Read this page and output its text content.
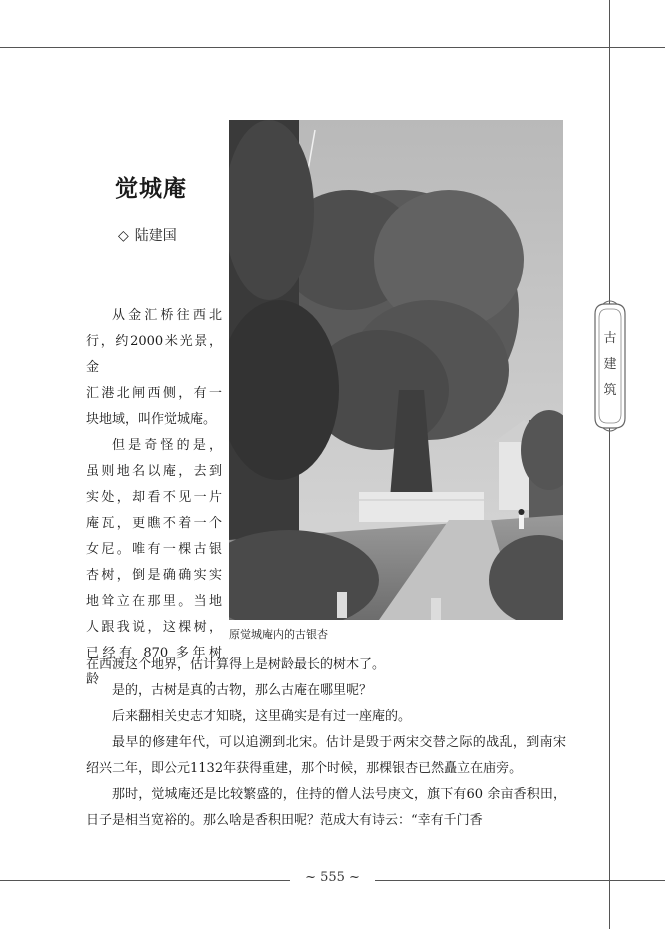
觉城庵
◇ 陆建国
原觉城庵内的古银杏

从金汇桥往西北

行，约2000米光景，金

汇港北闸西侧，有一

块地域，叫作觉城庵。

但是奇怪的是，

虽则地名以庵，去到

实处，却看不见一片

庵瓦，更瞧不着一个

女尼。唯有一棵古银

杏树，倒是确确实实

地耸立在那里。当地

人跟我说，这棵树，

已经有 870 多年树龄，

在西渡这个地界，估计算得上是树龄最长的树木了。

是的，古树是真的古物，那么古庵在哪里呢？

后来翻相关史志才知晓，这里确实是有过一座庵的。

最早的修建年代，可以追溯到北宋。估计是毁于两宋交替之际的战乱，到南宋绍兴二年，即公元1132年获得重建，那个时候，那棵银杏已然矗立在庙旁。

那时，觉城庵还是比较繁盛的，住持的僧人法号庚文，旗下有60 余亩香积田，日子是相当宽裕的。那么啥是香积田呢？范成大有诗云：“幸有千门香

古
建
筑
~ 555 ~
